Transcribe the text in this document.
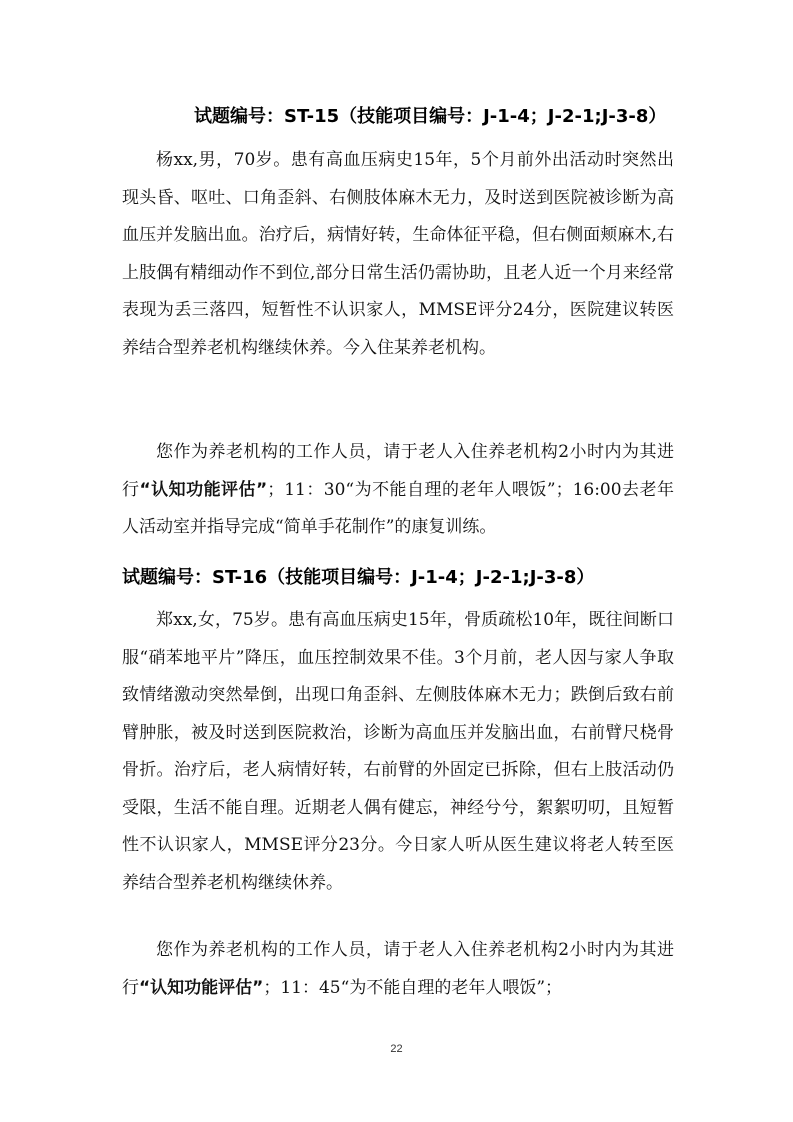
试题编号：ST-15（技能项目编号：J-1-4；J-2-1;J-3-8）

杨xx,男，70岁。患有高血压病史15年，5个月前外出活动时突然出现头昏、呕吐、口角歪斜、右侧肢体麻木无力，及时送到医院被诊断为高血压并发脑出血。治疗后，病情好转，生命体征平稳，但右侧面颊麻木,右上肢偶有精细动作不到位,部分日常生活仍需协助，且老人近一个月来经常表现为丢三落四，短暂性不认识家人，MMSE评分24分，医院建议转医养结合型养老机构继续休养。今入住某养老机构。

您作为养老机构的工作人员，请于老人入住养老机构2小时内为其进行“认知功能评估”；11：30“为不能自理的老年人喂饭”；16:00去老年人活动室并指导完成“简单手花制作”的康复训练。

试题编号：ST-16（技能项目编号：J-1-4；J-2-1;J-3-8）

郑xx,女，75岁。患有高血压病史15年，骨质疏松10年，既往间断口服“硝苯地平片”降压，血压控制效果不佳。3个月前，老人因与家人争取致情绪激动突然晕倒，出现口角歪斜、左侧肢体麻木无力；跌倒后致右前臂肿胀，被及时送到医院救治，诊断为高血压并发脑出血，右前臂尺桡骨骨折。治疗后，老人病情好转，右前臂的外固定已拆除，但右上肢活动仍受限，生活不能自理。近期老人偶有健忘，神经兮兮，絮絮叨叨，且短暂性不认识家人，MMSE评分23分。今日家人听从医生建议将老人转至医养结合型养老机构继续休养。

您作为养老机构的工作人员，请于老人入住养老机构2小时内为其进行“认知功能评估”；11：45“为不能自理的老年人喂饭”；

22
